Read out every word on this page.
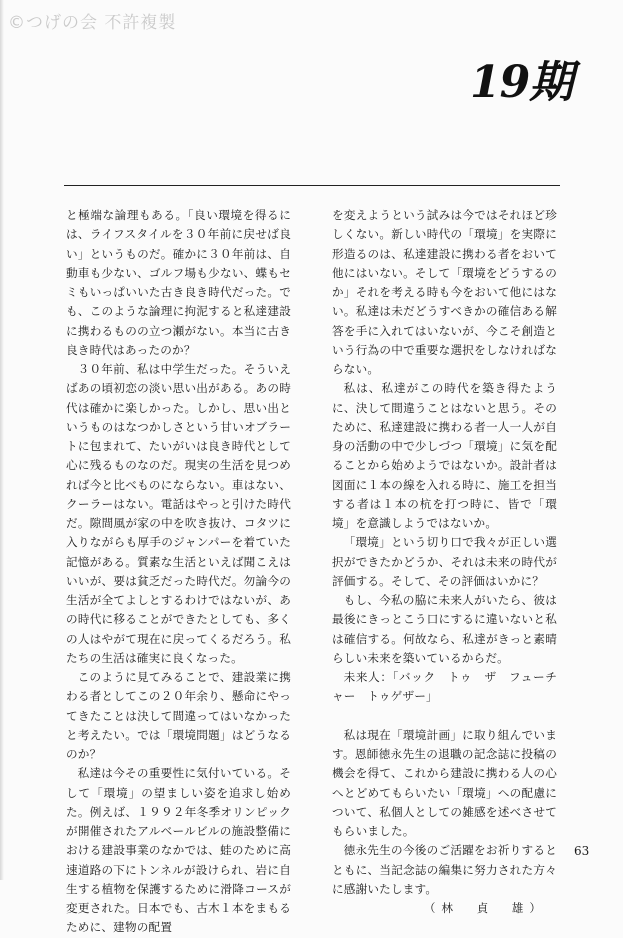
©つげの会 不許複製
19期

と極端な論理もある。「良い環境を得るには、ライフスタイルを３０年前に戻せば良い」というものだ。確かに３０年前は、自動車も少ない、ゴルフ場も少ない、蝶もセミもいっぱいいた古き良き時代だった。でも、このような論理に拘泥すると私達建設に携わるものの立つ瀬がない。本当に古き良き時代はあったのか？

３０年前、私は中学生だった。そういえばあの頃初恋の淡い思い出がある。あの時代は確かに楽しかった。しかし、思い出というものはなつかしさという甘いオブラートに包まれて、たいがいは良き時代として心に残るものなのだ。現実の生活を見つめれば今と比べものにならない。車はない、クーラーはない。電話はやっと引けた時代だ。隙間風が家の中を吹き抜け、コタツに入りながらも厚手のジャンパーを着ていた記憶がある。質素な生活といえば聞こえはいいが、要は貧乏だった時代だ。勿論今の生活が全てよしとするわけではないが、あの時代に移ることができたとしても、多くの人はやがて現在に戻ってくるだろう。私たちの生活は確実に良くなった。

このように見てみることで、建設業に携わる者としてこの２０年余り、懸命にやってきたことは決して間違ってはいなかったと考えたい。では「環境問題」はどうなるのか？

私達は今その重要性に気付いている。そして「環境」の望ましい姿を追求し始めた。例えば、１９９２年冬季オリンピックが開催されたアルベールビルの施設整備における建設事業のなかでは、蛙のために高速道路の下にトンネルが設けられ、岩に自生する植物を保護するために滑降コースが変更された。日本でも、古木１本をまもるために、建物の配置

を変えようという試みは今ではそれほど珍しくない。新しい時代の「環境」を実際に形造るのは、私達建設に携わる者をおいて他にはいない。そして「環境をどうするのか」それを考える時も今をおいて他にはない。私達は未だどうすべきかの確信ある解答を手に入れてはいないが、今こそ創造という行為の中で重要な選択をしなければならない。

私は、私達がこの時代を築き得たように、決して間違うことはないと思う。そのために、私達建設に携わる者一人一人が自身の活動の中で少しづつ「環境」に気を配ることから始めようではないか。設計者は図面に１本の線を入れる時に、施工を担当する者は１本の杭を打つ時に、皆で「環境」を意識しようではないか。

「環境」という切り口で我々が正しい選択ができたかどうか、それは未来の時代が評価する。そして、その評価はいかに？

もし、今私の脇に未来人がいたら、彼は最後にきっとこう口にするに違いないと私は確信する。何故なら、私達がきっと素晴らしい未来を築いているからだ。

未来人：「バック　トゥ　ザ　フューチャー　トゥゲザー」

私は現在「環境計画」に取り組んでいます。恩師徳永先生の退職の記念誌に投稿の機会を得て、これから建設に携わる人の心へとどめてもらいたい「環境」への配慮について、私個人としての雑感を述べさせてもらいました。

徳永先生の今後のご活躍をお祈りするとともに、当記念誌の編集に努力された方々に感謝いたします。

（林　貞　雄）

63
